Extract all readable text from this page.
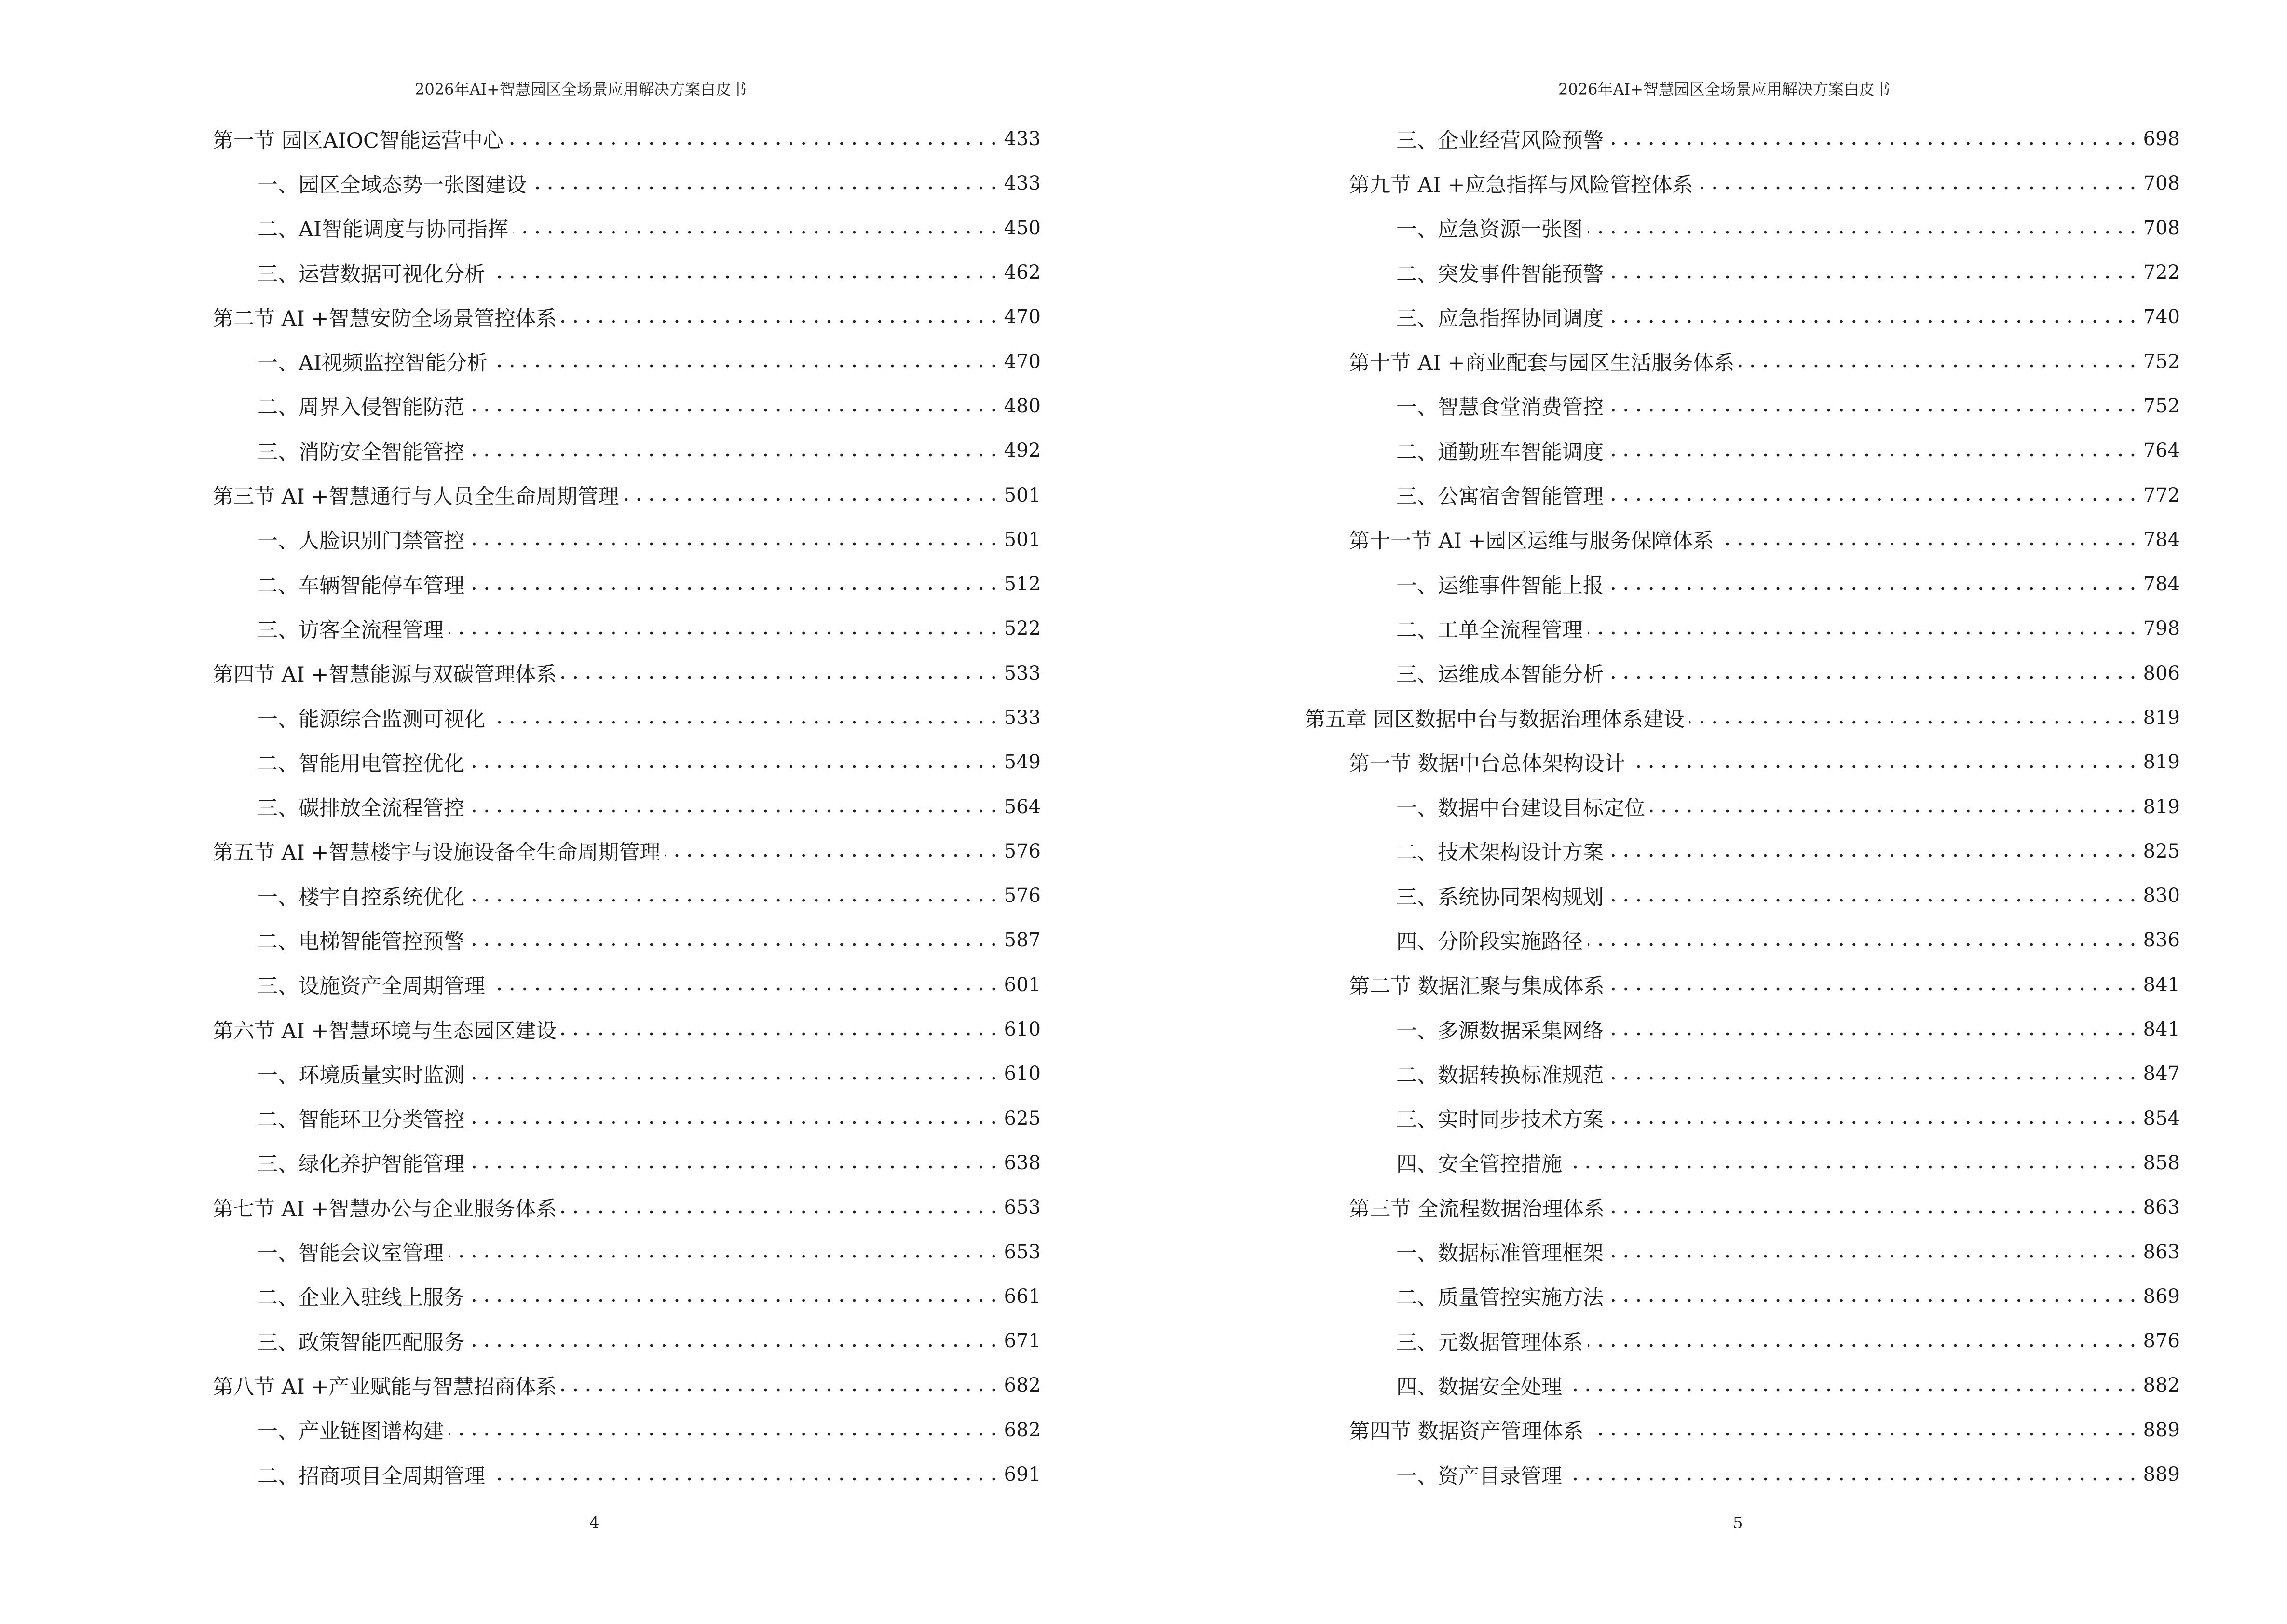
2026年AI+智慧园区全场景应用解决方案白皮书
第一节 园区AIOC智能运营中心 . . .	433
一、园区全域态势一张图建设 . . .	433
二、AI智能调度与协同指挥 . . .	450
三、运营数据可视化分析 . . .	462
第二节 AI +智慧安防全场景管控体系 . . .	470
一、AI视频监控智能分析 . . .	470
二、周界入侵智能防范 . . .	480
三、消防安全智能管控 . . .	492
第三节 AI +智慧通行与人员全生命周期管理 . . .	501
一、人脸识别门禁管控 . . .	501
二、车辆智能停车管理 . . .	512
三、访客全流程管理 . . .	522
第四节 AI +智慧能源与双碳管理体系 . . .	533
一、能源综合监测可视化 . . .	533
二、智能用电管控优化 . . .	549
三、碳排放全流程管控 . . .	564
第五节 AI +智慧楼宇与设施设备全生命周期管理 . . .	576
一、楼宇自控系统优化 . . .	576
二、电梯智能管控预警 . . .	587
三、设施资产全周期管理 . . .	601
第六节 AI +智慧环境与生态园区建设 . . .	610
一、环境质量实时监测 . . .	610
二、智能环卫分类管控 . . .	625
三、绿化养护智能管理 . . .	638
第七节 AI +智慧办公与企业服务体系 . . .	653
一、智能会议室管理 . . .	653
二、企业入驻线上服务 . . .	661
三、政策智能匹配服务 . . .	671
第八节 AI +产业赋能与智慧招商体系 . . .	682
一、产业链图谱构建 . . .	682
二、招商项目全周期管理 . . .	691
4
2026年AI+智慧园区全场景应用解决方案白皮书
三、企业经营风险预警 . . .	698
第九节 AI +应急指挥与风险管控体系 . . .	708
一、应急资源一张图 . . .	708
二、突发事件智能预警 . . .	722
三、应急指挥协同调度 . . .	740
第十节 AI +商业配套与园区生活服务体系 . . .	752
一、智慧食堂消费管控 . . .	752
二、通勤班车智能调度 . . .	764
三、公寓宿舍智能管理 . . .	772
第十一节 AI +园区运维与服务保障体系 . . .	784
一、运维事件智能上报 . . .	784
二、工单全流程管理 . . .	798
三、运维成本智能分析 . . .	806
第五章 园区数据中台与数据治理体系建设 . . .	819
第一节 数据中台总体架构设计 . . .	819
一、数据中台建设目标定位 . . .	819
二、技术架构设计方案 . . .	825
三、系统协同架构规划 . . .	830
四、分阶段实施路径 . . .	836
第二节 数据汇聚与集成体系 . . .	841
一、多源数据采集网络 . . .	841
二、数据转换标准规范 . . .	847
三、实时同步技术方案 . . .	854
四、安全管控措施 . . .	858
第三节 全流程数据治理体系 . . .	863
一、数据标准管理框架 . . .	863
二、质量管控实施方法 . . .	869
三、元数据管理体系 . . .	876
四、数据安全处理 . . .	882
第四节 数据资产管理体系 . . .	889
一、资产目录管理 . . .	889
5
